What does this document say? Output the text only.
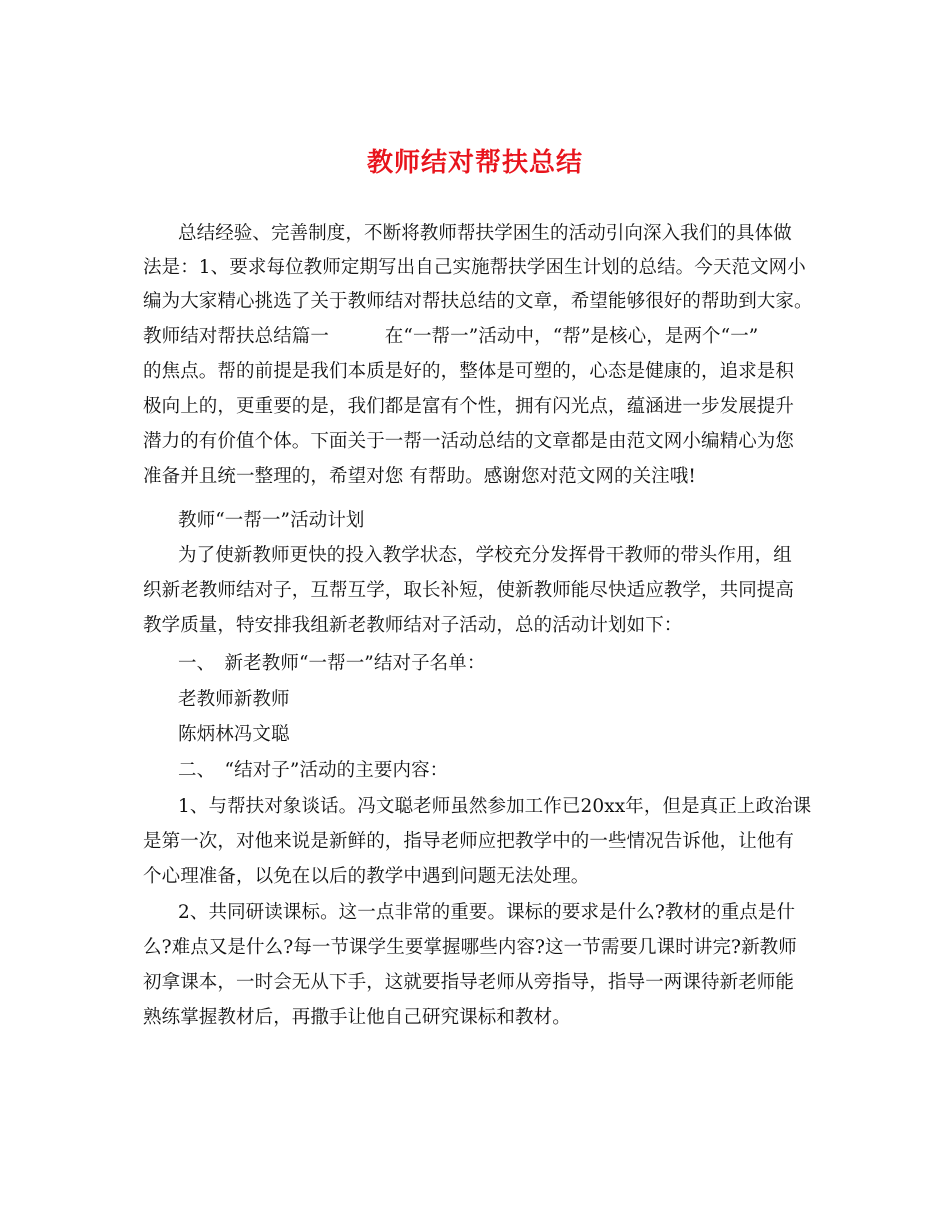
教师结对帮扶总结
总结经验、完善制度，不断将教师帮扶学困生的活动引向深入我们的具体做
法是：1、要求每位教师定期写出自己实施帮扶学困生计划的总结。今天范文网小
编为大家精心挑选了关于教师结对帮扶总结的文章，希望能够很好的帮助到大家。
教师结对帮扶总结篇一　　　在“一帮一”活动中，“帮”是核心，是两个“一”
的焦点。帮的前提是我们本质是好的，整体是可塑的，心态是健康的，追求是积
极向上的，更重要的是，我们都是富有个性，拥有闪光点，蕴涵进一步发展提升
潜力的有价值个体。下面关于一帮一活动总结的文章都是由范文网小编精心为您
准备并且统一整理的，希望对您 有帮助。感谢您对范文网的关注哦!
教师“一帮一”活动计划
为了使新教师更快的投入教学状态，学校充分发挥骨干教师的带头作用，组
织新老教师结对子，互帮互学，取长补短，使新教师能尽快适应教学，共同提高
教学质量，特安排我组新老教师结对子活动，总的活动计划如下：
一、　新老教师“一帮一”结对子名单：
老教师新教师
陈炳林冯文聪
二、　“结对子”活动的主要内容：
1、与帮扶对象谈话。冯文聪老师虽然参加工作已20xx年，但是真正上政治课
是第一次，对他来说是新鲜的，指导老师应把教学中的一些情况告诉他，让他有
个心理准备，以免在以后的教学中遇到问题无法处理。
2、共同研读课标。这一点非常的重要。课标的要求是什么?教材的重点是什
么?难点又是什么?每一节课学生要掌握哪些内容?这一节需要几课时讲完?新教师
初拿课本，一时会无从下手，这就要指导老师从旁指导，指导一两课待新老师能
熟练掌握教材后，再撒手让他自己研究课标和教材。
